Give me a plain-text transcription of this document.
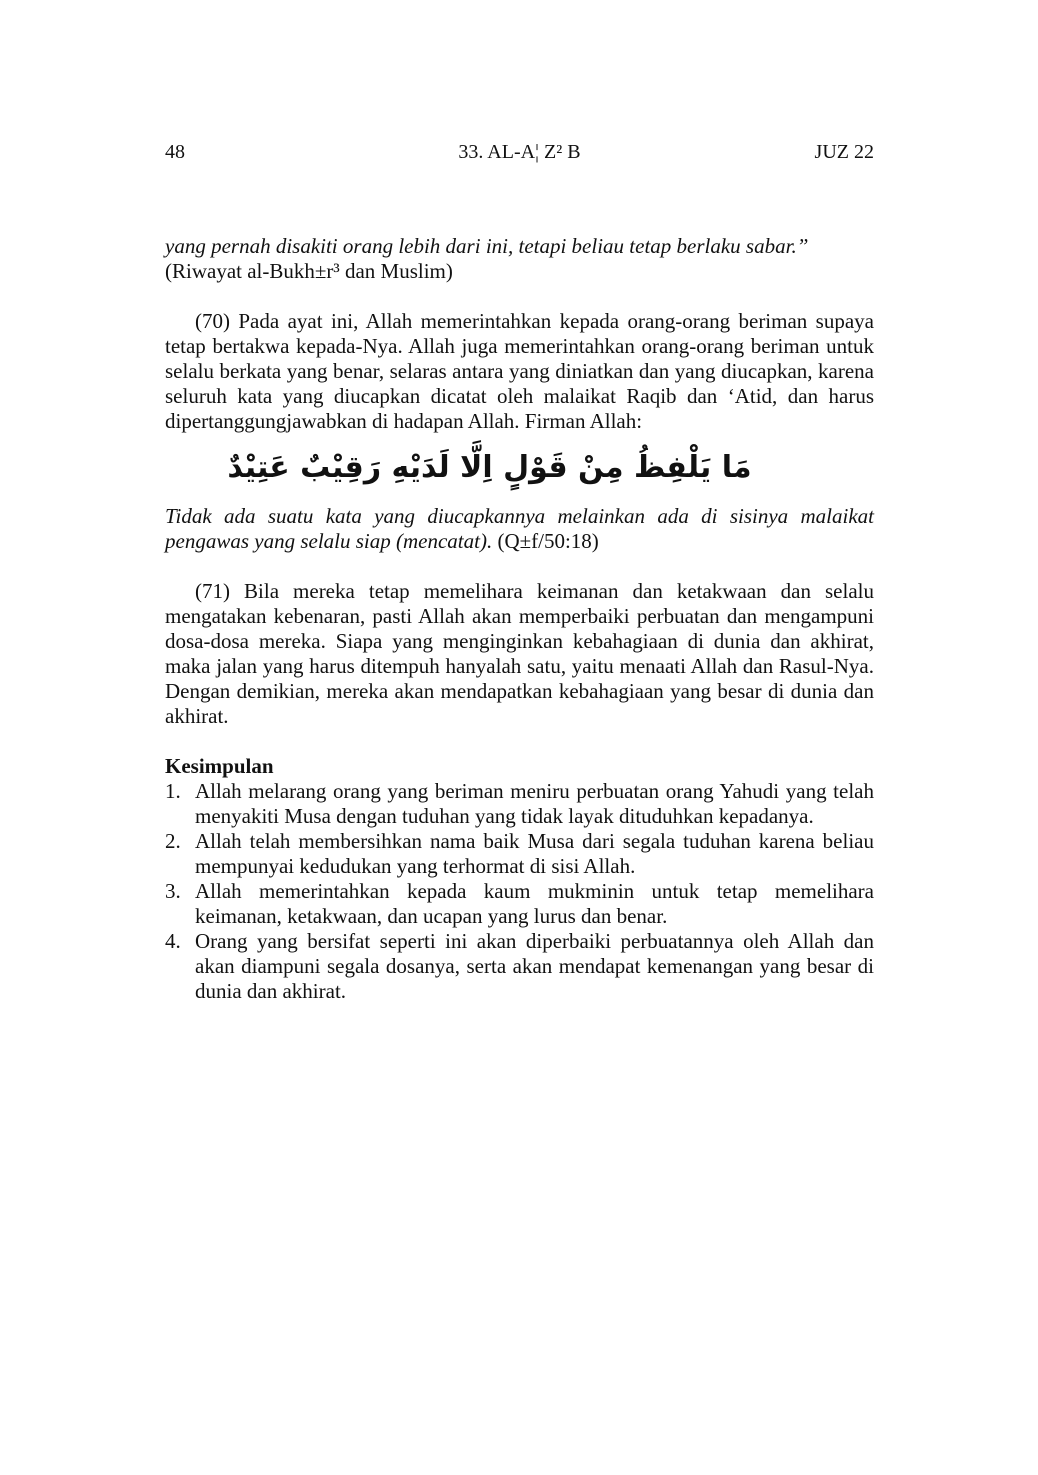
48	33. AL-A¦ Z² B	JUZ 22

yang pernah disakiti orang lebih dari ini, tetapi beliau tetap berlaku sabar.”

(Riwayat al-Bukh±r³ dan Muslim)

(70) Pada ayat ini, Allah memerintahkan kepada orang-orang beriman supaya tetap bertakwa kepada-Nya. Allah juga memerintahkan orang-orang beriman untuk selalu berkata yang benar, selaras antara yang diniatkan dan yang diucapkan, karena seluruh kata yang diucapkan dicatat oleh malaikat Raqib dan ‘Atid, dan harus dipertanggungjawabkan di hadapan Allah. Firman Allah:

مَا يَلْفِظُ مِنْ قَوْلٍ اِلَّا لَدَيْهِ رَقِيْبٌ عَتِيْدٌ

Tidak ada suatu kata yang diucapkannya melainkan ada di sisinya malaikat pengawas yang selalu siap (mencatat). (Q±f/50:18)

(71) Bila mereka tetap memelihara keimanan dan ketakwaan dan selalu mengatakan kebenaran, pasti Allah akan memperbaiki perbuatan dan mengampuni dosa-dosa mereka. Siapa yang menginginkan kebahagiaan di dunia dan akhirat, maka jalan yang harus ditempuh hanyalah satu, yaitu menaati Allah dan Rasul-Nya. Dengan demikian, mereka akan mendapatkan kebahagiaan yang besar di dunia dan akhirat.

Kesimpulan
1. Allah melarang orang yang beriman meniru perbuatan orang Yahudi yang telah menyakiti Musa dengan tuduhan yang tidak layak dituduhkan kepadanya.
2. Allah telah membersihkan nama baik Musa dari segala tuduhan karena beliau mempunyai kedudukan yang terhormat di sisi Allah.
3. Allah memerintahkan kepada kaum mukminin untuk tetap memelihara keimanan, ketakwaan, dan ucapan yang lurus dan benar.
4. Orang yang bersifat seperti ini akan diperbaiki perbuatannya oleh Allah dan akan diampuni segala dosanya, serta akan mendapat kemenangan yang besar di dunia dan akhirat.
